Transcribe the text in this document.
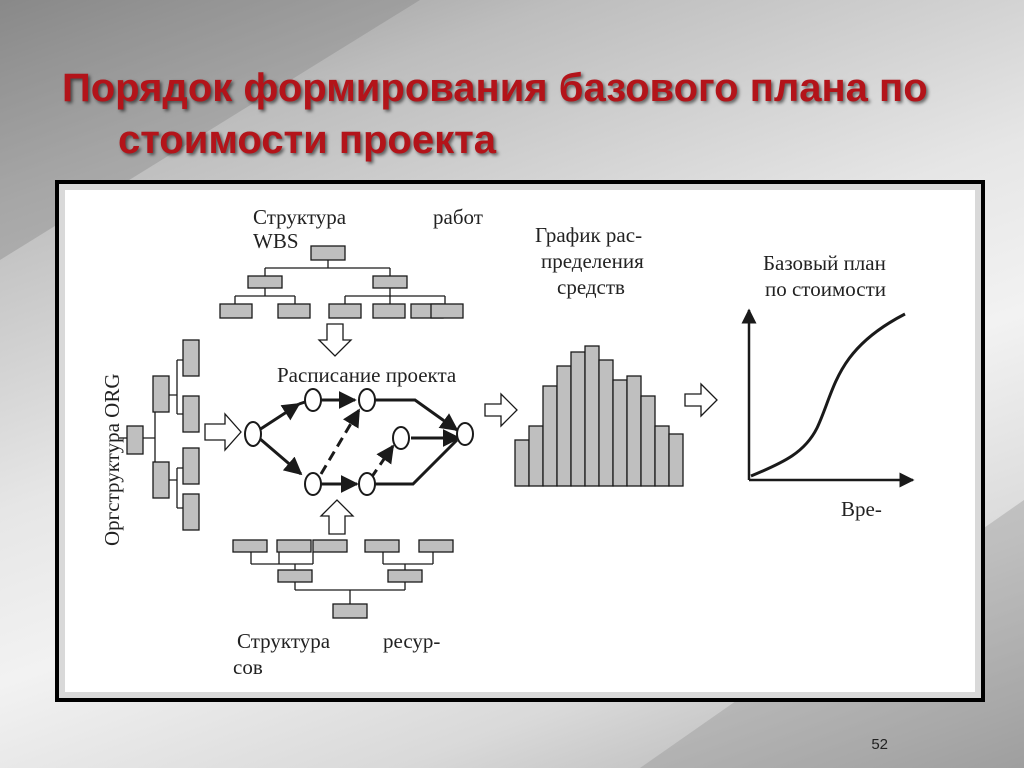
Порядок формирования базового плана по
стоимости проекта
Структура	работ
WBS
Расписание проекта
Оргструктура ORG
Структура	ресур-
сов
График рас-
пределения
средств
Базовый план
по стоимости
Вре-
52
